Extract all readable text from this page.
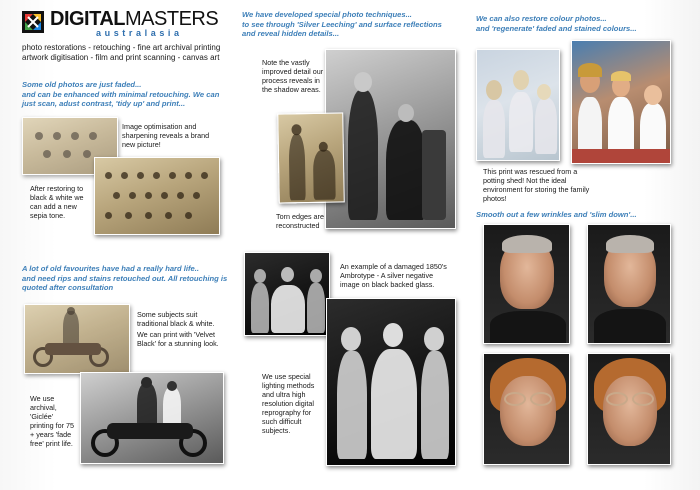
DIGITALMASTERS
australasia
photo restorations - retouching - fine art archival printing
artwork digitisation - film and print scanning - canvas art
Some old photos are just faded...
and can be enhanced with minimal retouching. We can just scan, adust contrast, 'tidy up' and print...
Image optimisation and sharpening reveals a brand new picture!
After restoring to black & white we can add a new sepia tone.
A lot of old favourites have had a really hard life..
and need rips and stains retouched out. All retouching is quoted after consultation
Some subjects suit traditional black & white.
We can print with 'Velvet Black' for a stunning look.
We use archival, 'Giclée' printing for 75 + years 'fade free' print life.
We have developed special photo techniques...
to see through 'Silver Leeching' and surface reflections and reveal hidden details...
Note the vastly improved detail our process reveals in the shadow areas.
Torn edges are reconstructed
An example of a damaged 1850's Ambrotype - A silver negative image on black backed glass.
We use special lighting methods and ultra high resolution digital reprography for such difficult subjects.
We can also restore colour photos...
and 'regenerate' faded and stained colours...
This print was rescued from a potting shed! Not the ideal environment for storing the family photos!
Smooth out a few wrinkles and 'slim down'...
